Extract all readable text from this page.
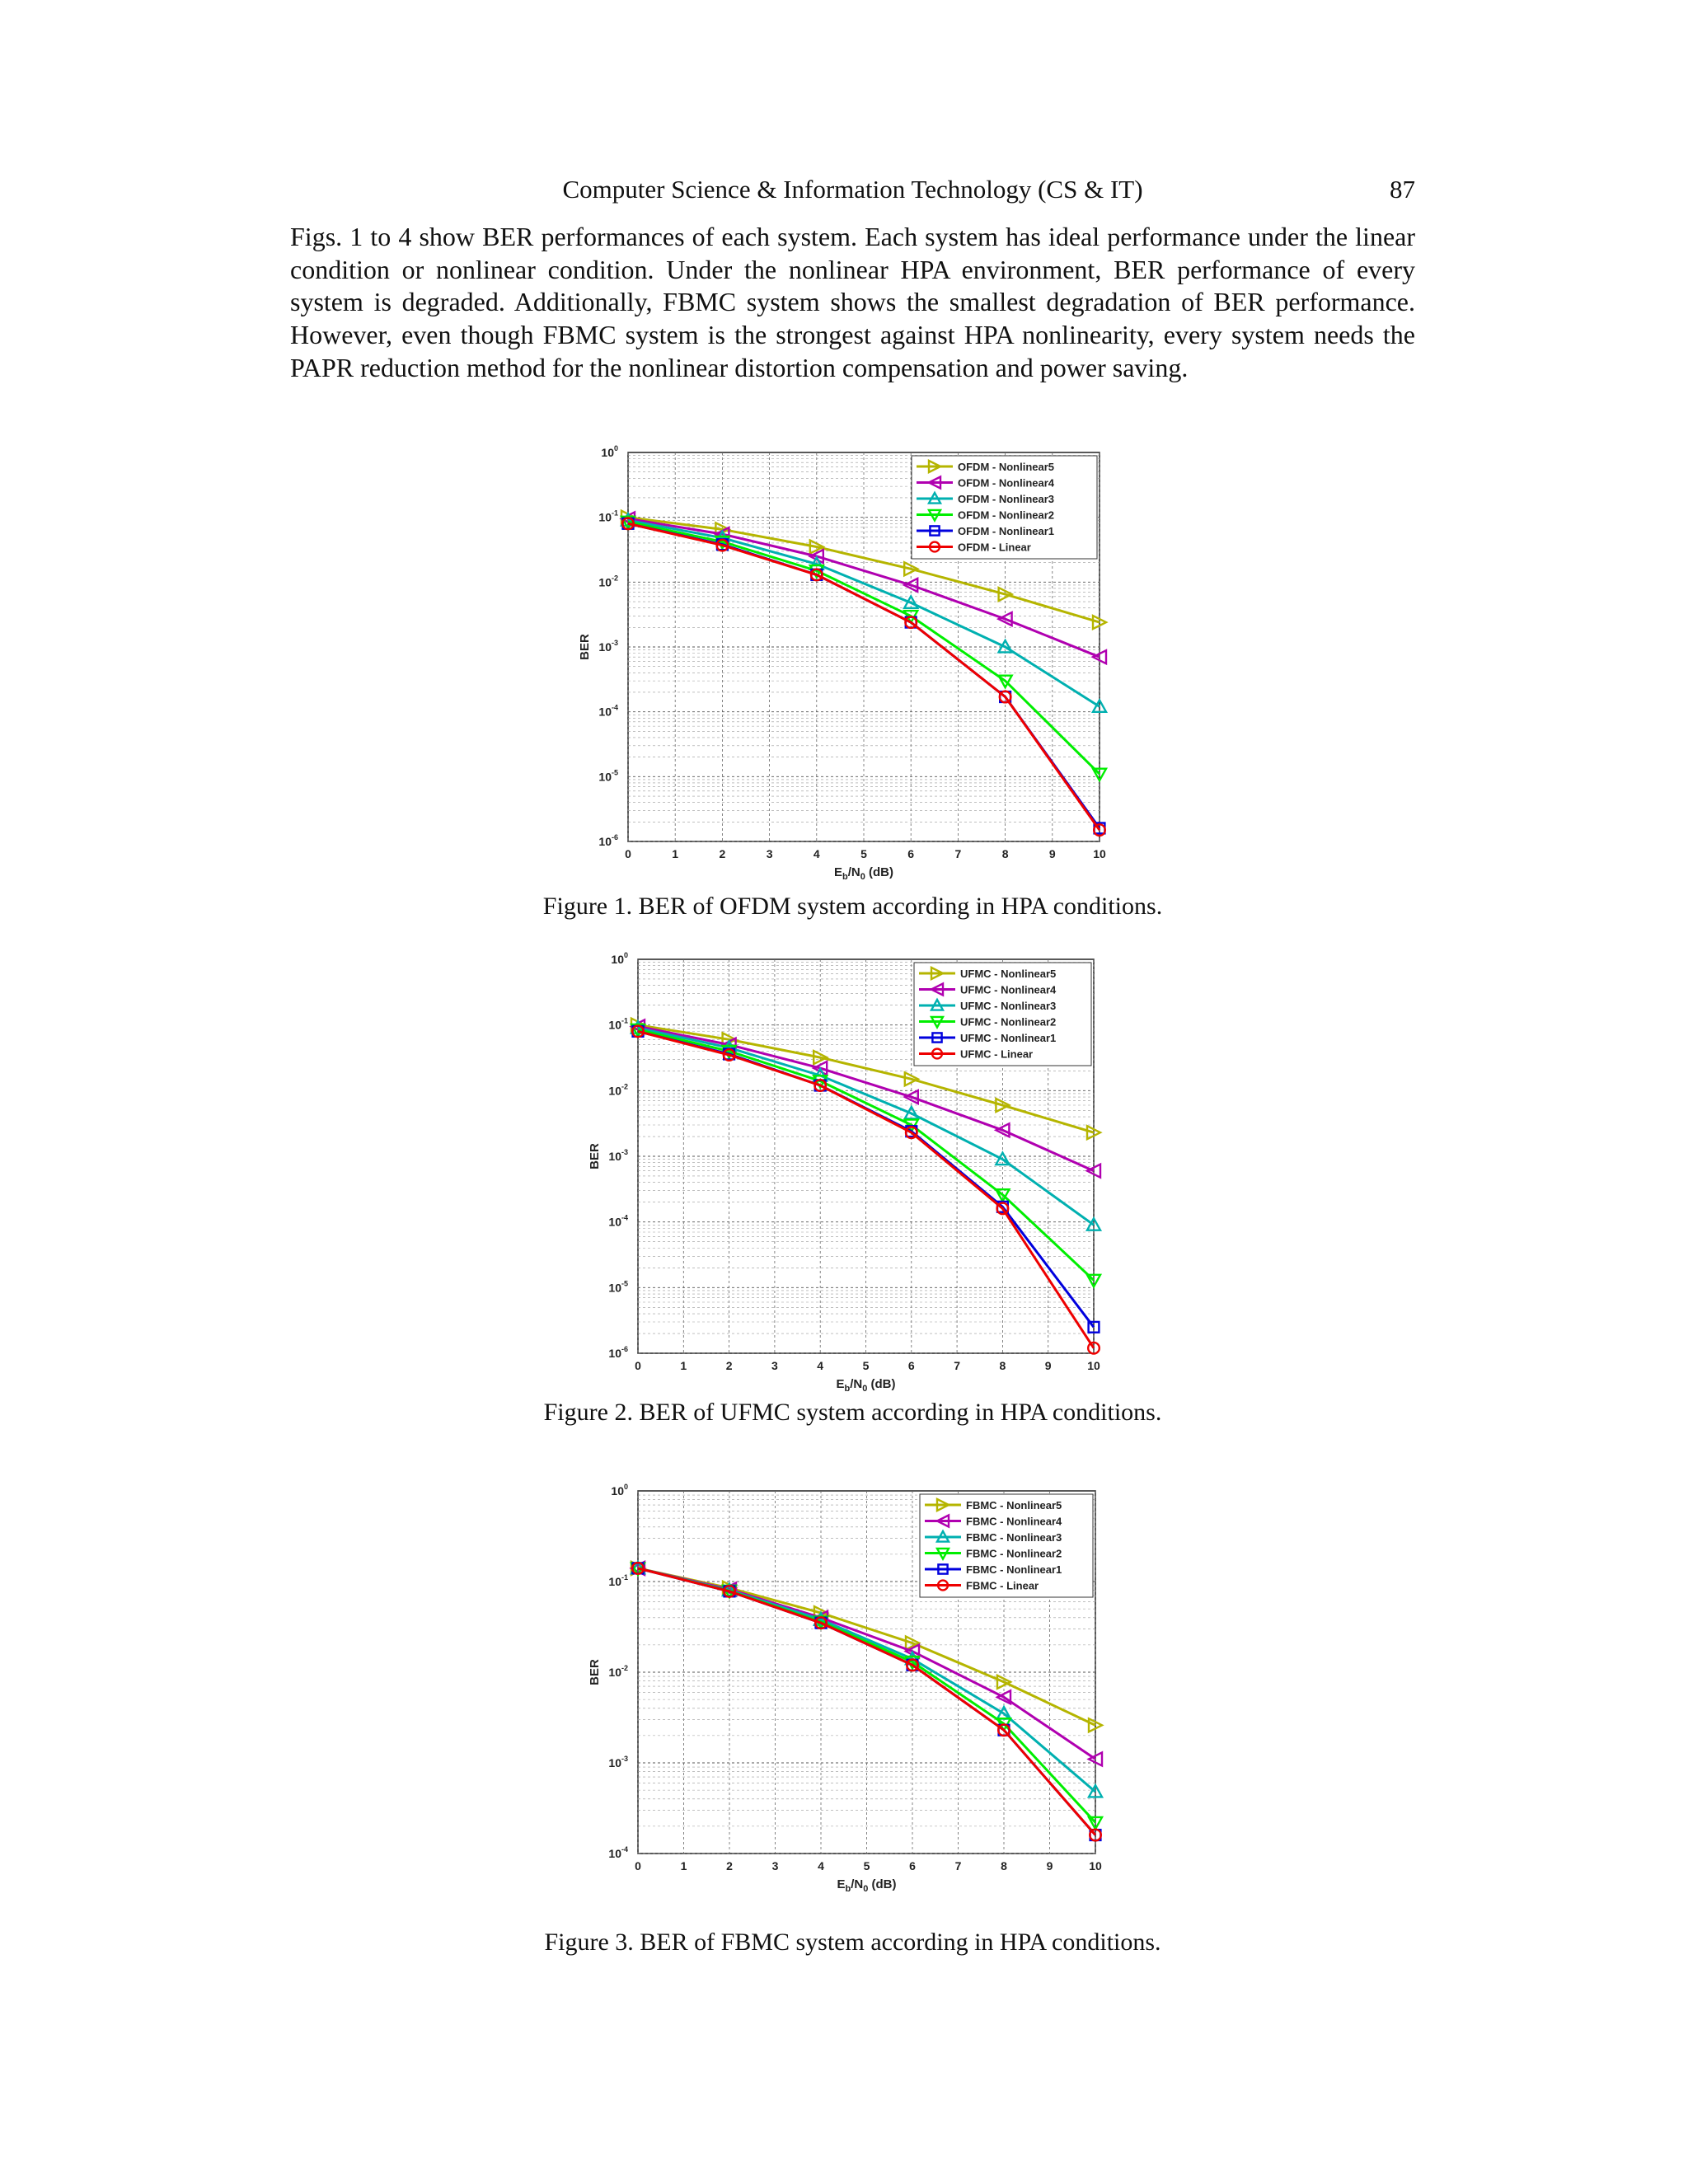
Computer Science & Information Technology (CS & IT)	87

Figs. 1 to 4 show BER performances of each system. Each system has ideal performance under the linear condition or nonlinear condition. Under the nonlinear HPA environment, BER performance of every system is degraded. Additionally, FBMC system shows the smallest degradation of BER performance. However, even though FBMC system is the strongest against HPA nonlinearity, every system needs the PAPR reduction method for the nonlinear distortion compensation and power saving.

0	1	2	3	4	5	6	7	8	9	10
$10^0$
$10^{-1}$
$10^{-2}$
$10^{-3}$
$10^{-4}$
$10^{-5}$
$10^{-6}$
$E_b/N_0$ (dB)
BER
OFDM - Nonlinear5
OFDM - Nonlinear4
OFDM - Nonlinear3
OFDM - Nonlinear2
OFDM - Nonlinear1
OFDM - Linear
Figure 1. BER of OFDM system according in HPA conditions.
0	1	2	3	4	5	6	7	8	9	10
$10^0$
$10^{-1}$
$10^{-2}$
$10^{-3}$
$10^{-4}$
$10^{-5}$
$10^{-6}$
$E_b/N_0$ (dB)
BER
UFMC - Nonlinear5
UFMC - Nonlinear4
UFMC - Nonlinear3
UFMC - Nonlinear2
UFMC - Nonlinear1
UFMC - Linear
Figure 2. BER of UFMC system according in HPA conditions.
0	1	2	3	4	5	6	7	8	9	10
$10^0$
$10^{-1}$
$10^{-2}$
$10^{-3}$
$10^{-4}$
$E_b/N_0$ (dB)
BER
FBMC - Nonlinear5
FBMC - Nonlinear4
FBMC - Nonlinear3
FBMC - Nonlinear2
FBMC - Nonlinear1
FBMC - Linear
Figure 3. BER of FBMC system according in HPA conditions.
